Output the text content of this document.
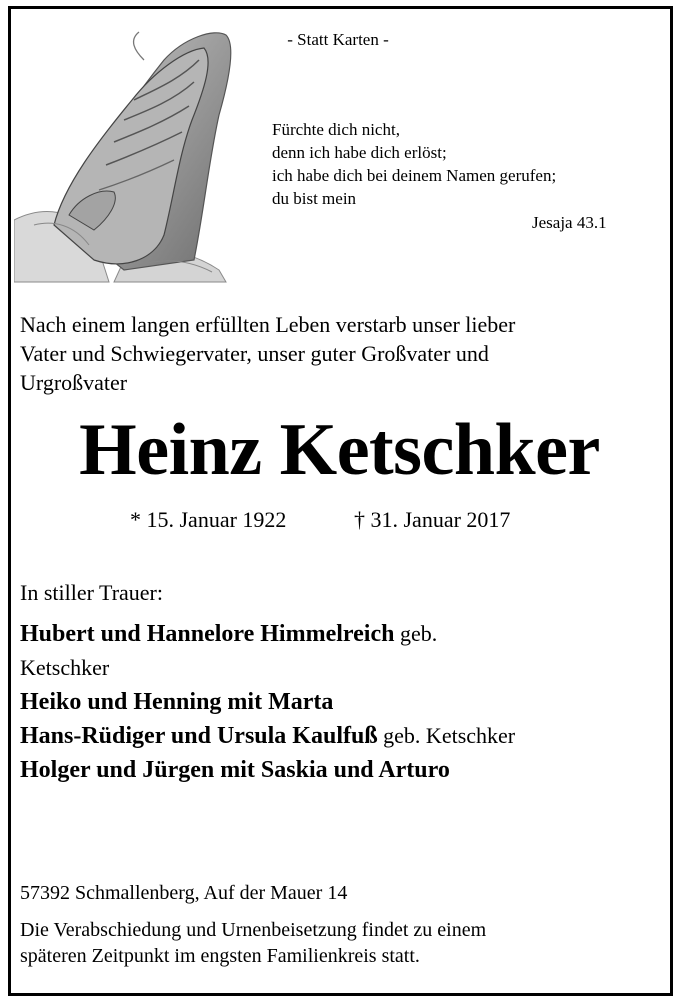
- Statt Karten -
Fürchte dich nicht,
denn ich habe dich erlöst;
ich habe dich bei deinem Namen gerufen;
du bist mein
Jesaja 43.1
Nach einem langen erfüllten Leben verstarb unser lieber
Vater und Schwiegervater, unser guter Großvater und
Urgroßvater
Heinz Ketschker
* 15. Januar 1922	† 31. Januar 2017
In stiller Trauer:
Hubert und Hannelore Himmelreich geb.
Ketschker
Heiko und Henning mit Marta
Hans-Rüdiger und Ursula Kaulfuß geb. Ketschker
Holger und Jürgen mit Saskia und Arturo
57392 Schmallenberg, Auf der Mauer 14
Die Verabschiedung und Urnenbeisetzung findet zu einem
späteren Zeitpunkt im engsten Familienkreis statt.
